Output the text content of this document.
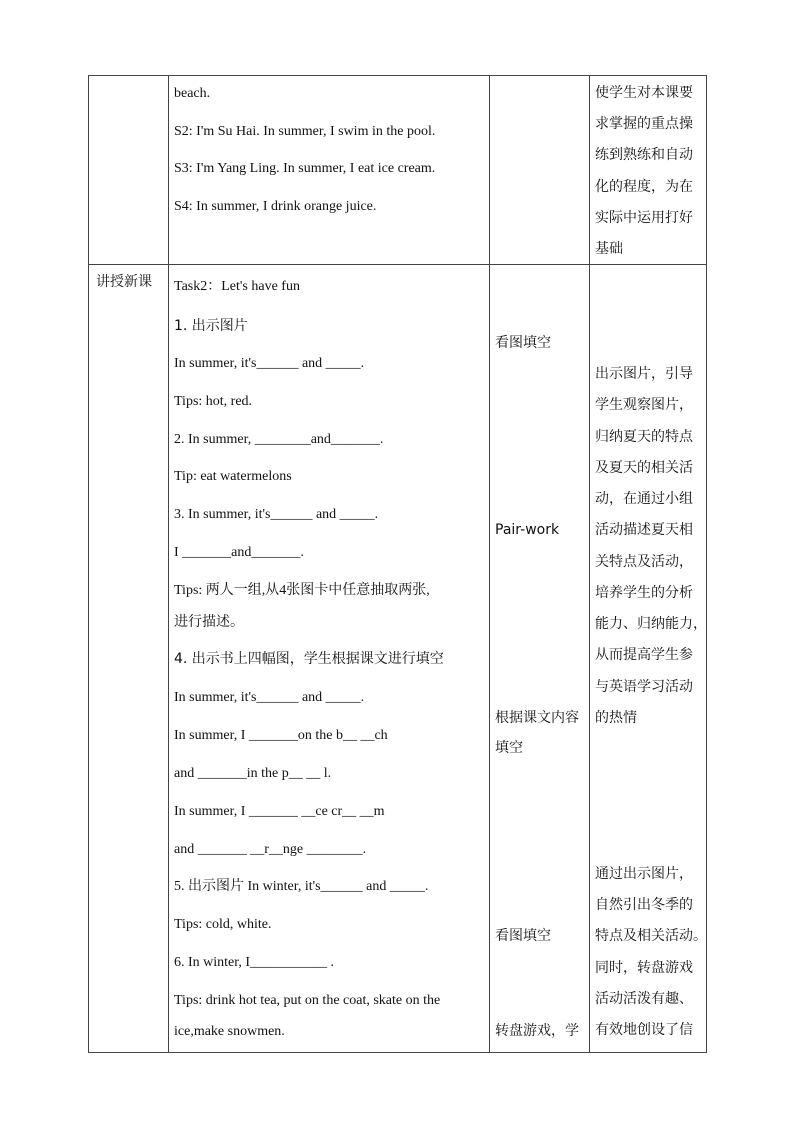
beach.
S2: I'm Su Hai. In summer, I swim in the pool.
S3: I'm Yang Ling. In summer, I eat ice cream.
S4: In summer, I drink orange juice.
使学生对本课要
求掌握的重点操
练到熟练和自动
化的程度，为在
实际中运用打好
基础
讲授新课 Task2：Let's have fun
1. 出示图片
In summer, it's______ and _____.
Tips: hot, red.
2. In summer, ________and_______.
Tip: eat watermelons
3. In summer, it's______ and _____.
I _______and_______.
Tips: 两人一组,从4张图卡中任意抽取两张,
进行描述。
4. 出示书上四幅图，学生根据课文进行填空
In summer, it's______ and _____.
In summer, I _______on the b__ __ch
and _______in the p__ __ l.
In summer, I _______ __ce cr__ __m
and _______ __r__nge ________.
5. 出示图片 In winter, it's______ and _____.
Tips: cold, white.
6. In winter, I___________ .
Tips: drink hot tea, put on the coat, skate on the
ice,make snowmen.
看图填空
Pair-work
根据课文内容
填空
看图填空
转盘游戏，学
出示图片，引导
学生观察图片，
归纳夏天的特点
及夏天的相关活
动，在通过小组
活动描述夏天相
关特点及活动，
培养学生的分析
能力、归纳能力，
从而提高学生参
与英语学习活动
的热情
通过出示图片，
自然引出冬季的
特点及相关活动。
同时，转盘游戏
活动活泼有趣、
有效地创设了信
